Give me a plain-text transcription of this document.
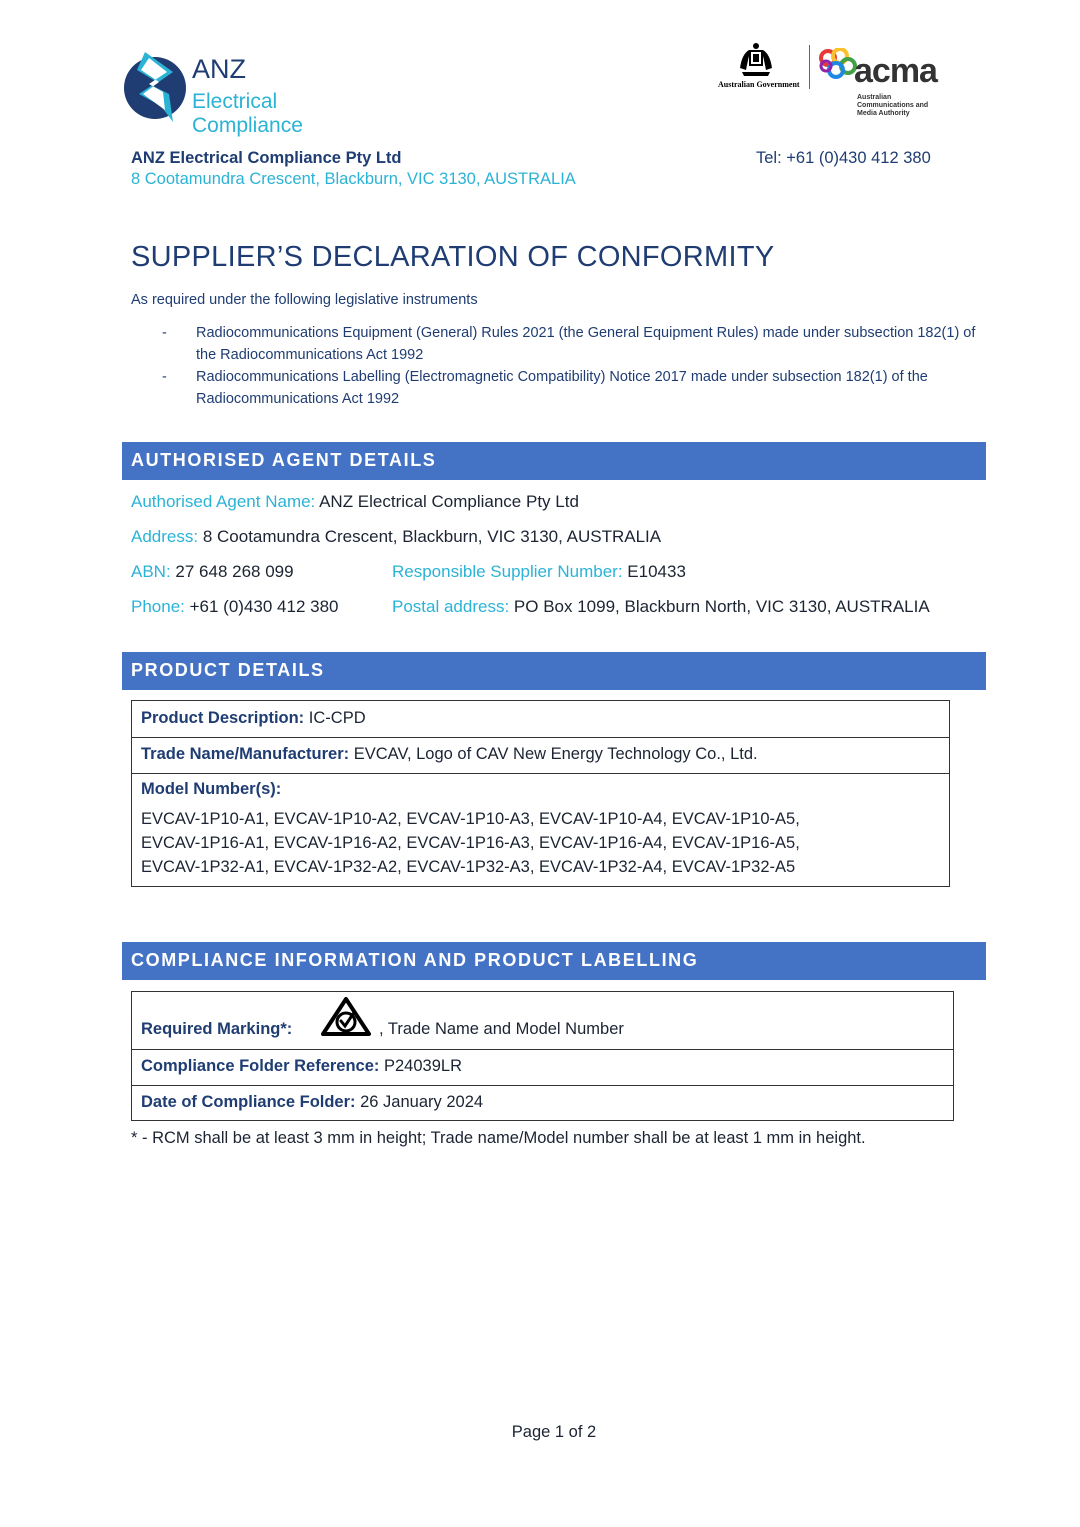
ANZ
Electrical Compliance
Australian Government acma
Australian Communications and Media Authority
ANZ Electrical Compliance Pty Ltd
8 Cootamundra Crescent, Blackburn, VIC 3130, AUSTRALIA
Tel: +61 (0)430 412 380
SUPPLIER’S DECLARATION OF CONFORMITY
As required under the following legislative instruments
- Radiocommunications Equipment (General) Rules 2021 (the General Equipment Rules) made under subsection 182(1) of the Radiocommunications Act 1992
- Radiocommunications Labelling (Electromagnetic Compatibility) Notice 2017 made under subsection 182(1) of the Radiocommunications Act 1992
AUTHORISED AGENT DETAILS
Authorised Agent Name: ANZ Electrical Compliance Pty Ltd
Address: 8 Cootamundra Crescent, Blackburn, VIC 3130, AUSTRALIA
ABN: 27 648 268 099	Responsible Supplier Number: E10433
Phone: +61 (0)430 412 380	Postal address: PO Box 1099, Blackburn North, VIC 3130, AUSTRALIA
PRODUCT DETAILS
Product Description: IC-CPD
Trade Name/Manufacturer: EVCAV, Logo of CAV New Energy Technology Co., Ltd.
Model Number(s):
EVCAV-1P10-A1, EVCAV-1P10-A2, EVCAV-1P10-A3, EVCAV-1P10-A4, EVCAV-1P10-A5,
EVCAV-1P16-A1, EVCAV-1P16-A2, EVCAV-1P16-A3, EVCAV-1P16-A4, EVCAV-1P16-A5,
EVCAV-1P32-A1, EVCAV-1P32-A2, EVCAV-1P32-A3, EVCAV-1P32-A4, EVCAV-1P32-A5
COMPLIANCE INFORMATION AND PRODUCT LABELLING
Required Marking*:	, Trade Name and Model Number
Compliance Folder Reference: P24039LR
Date of Compliance Folder: 26 January 2024
* - RCM shall be at least 3 mm in height; Trade name/Model number shall be at least 1 mm in height.
Page 1 of 2
